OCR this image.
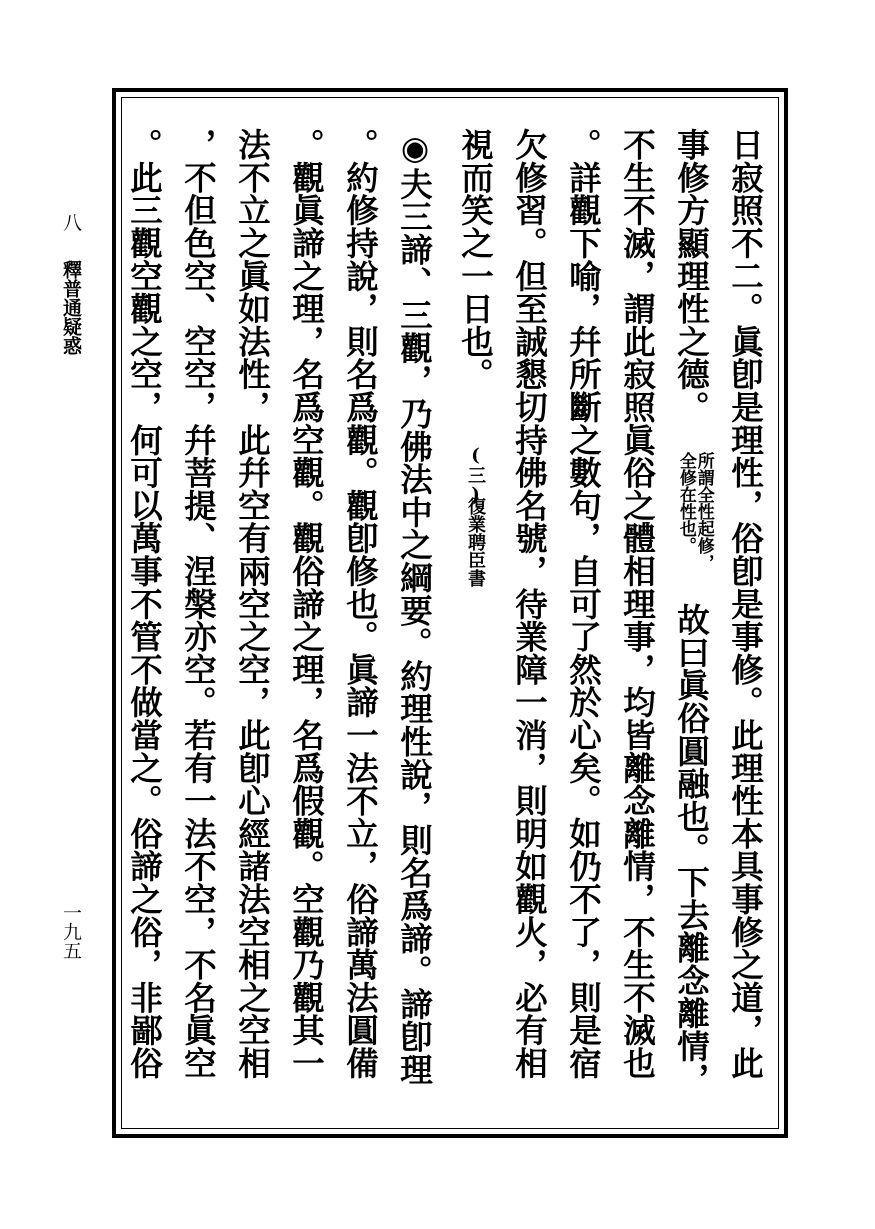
八
釋普通疑惑
一九五	日寂照不二。眞卽是理性，俗卽是事修。此理性本具事修之道，此
事修方顯理性之德。
所謂全性起修，
全修在性也。
故曰眞俗圓融也。下去離念離情，
不生不滅，謂此寂照眞俗之體相理事，均皆離念離情，不生不滅也
。詳觀下喻，幷所斷之數句，自可了然於心矣。如仍不了，則是宿
欠修習。但至誠懇切持佛名號，待業障一消，則明如觀火，必有相
視而笑之一日也。
(三)
復業聘臣書
◉夫三諦、三觀，乃佛法中之綱要。約理性說，則名爲諦。諦卽理
。約修持說，則名爲觀。觀卽修也。眞諦一法不立，俗諦萬法圓備
。觀眞諦之理，名爲空觀。觀俗諦之理，名爲假觀。空觀乃觀其一
法不立之眞如法性，此幷空有兩空之空，此卽心經諸法空相之空相
，不但色空、空空，幷菩提、涅槃亦空。若有一法不空，不名眞空
。此三觀空觀之空，何可以萬事不管不做當之。俗諦之俗，非鄙俗
